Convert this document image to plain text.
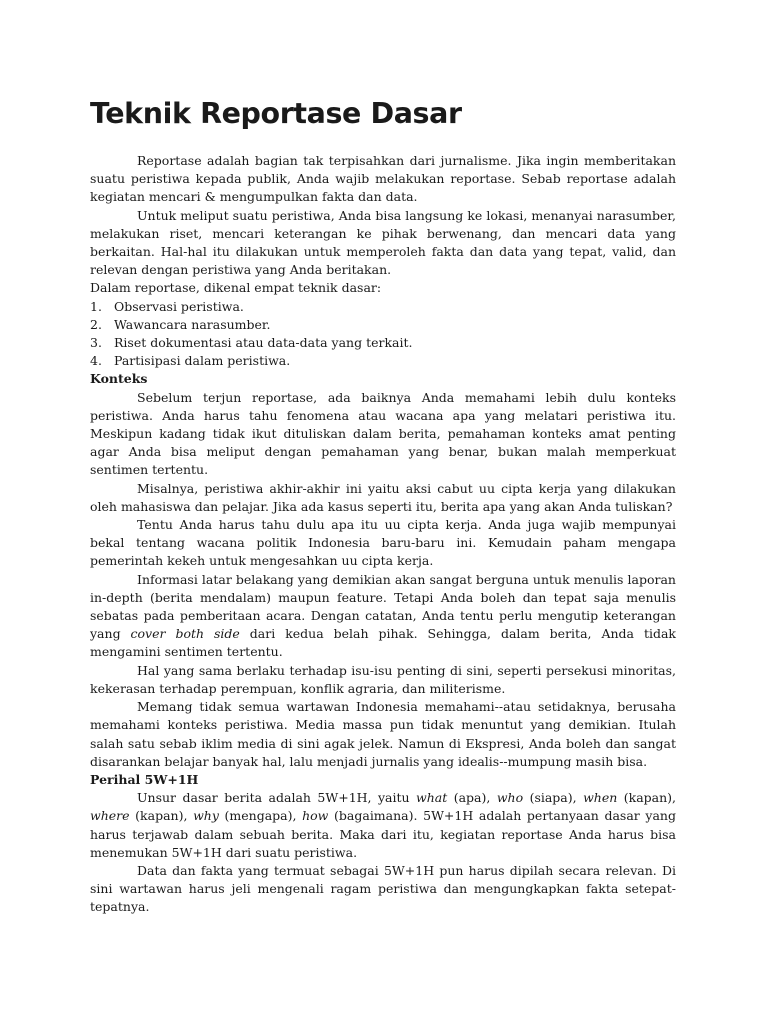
Teknik Reportase Dasar

Reportase adalah bagian tak terpisahkan dari jurnalisme. Jika ingin memberitakan suatu peristiwa kepada publik, Anda wajib melakukan reportase. Sebab reportase adalah kegiatan mencari & mengumpulkan fakta dan data.

Untuk meliput suatu peristiwa, Anda bisa langsung ke lokasi, menanyai narasumber, melakukan riset, mencari keterangan ke pihak berwenang, dan mencari data yang berkaitan. Hal-hal itu dilakukan untuk memperoleh fakta dan data yang tepat, valid, dan relevan dengan peristiwa yang Anda beritakan.

Dalam reportase, dikenal empat teknik dasar:

1. Observasi peristiwa.
2. Wawancara narasumber.
3. Riset dokumentasi atau data-data yang terkait.
4. Partisipasi dalam peristiwa.
Konteks

Sebelum terjun reportase, ada baiknya Anda memahami lebih dulu konteks peristiwa. Anda harus tahu fenomena atau wacana apa yang melatari peristiwa itu. Meskipun kadang tidak ikut dituliskan dalam berita, pemahaman konteks amat penting agar Anda bisa meliput dengan pemahaman yang benar, bukan malah memperkuat sentimen tertentu.

Misalnya, peristiwa akhir-akhir ini yaitu aksi cabut uu cipta kerja yang dilakukan oleh mahasiswa dan pelajar. Jika ada kasus seperti itu, berita apa yang akan Anda tuliskan?

Tentu Anda harus tahu dulu apa itu uu cipta kerja. Anda juga wajib mempunyai bekal tentang wacana politik Indonesia baru-baru ini. Kemudain paham mengapa pemerintah kekeh untuk mengesahkan uu cipta kerja.

Informasi latar belakang yang demikian akan sangat berguna untuk menulis laporan in-depth (berita mendalam) maupun feature. Tetapi Anda boleh dan tepat saja menulis sebatas pada pemberitaan acara. Dengan catatan, Anda tentu perlu mengutip keterangan yang cover both side dari kedua belah pihak. Sehingga, dalam berita, Anda tidak mengamini sentimen tertentu.

Hal yang sama berlaku terhadap isu-isu penting di sini, seperti persekusi minoritas, kekerasan terhadap perempuan, konflik agraria, dan militerisme.

Memang tidak semua wartawan Indonesia memahami--atau setidaknya, berusaha memahami konteks peristiwa. Media massa pun tidak menuntut yang demikian. Itulah salah satu sebab iklim media di sini agak jelek. Namun di Ekspresi, Anda boleh dan sangat disarankan belajar banyak hal, lalu menjadi jurnalis yang idealis--mumpung masih bisa.

Perihal 5W+1H

Unsur dasar berita adalah 5W+1H, yaitu what (apa), who (siapa), when (kapan), where (kapan), why (mengapa), how (bagaimana). 5W+1H adalah pertanyaan dasar yang harus terjawab dalam sebuah berita. Maka dari itu, kegiatan reportase Anda harus bisa menemukan 5W+1H dari suatu peristiwa.

Data dan fakta yang termuat sebagai 5W+1H pun harus dipilah secara relevan. Di sini wartawan harus jeli mengenali ragam peristiwa dan mengungkapkan fakta setepat-tepatnya.
